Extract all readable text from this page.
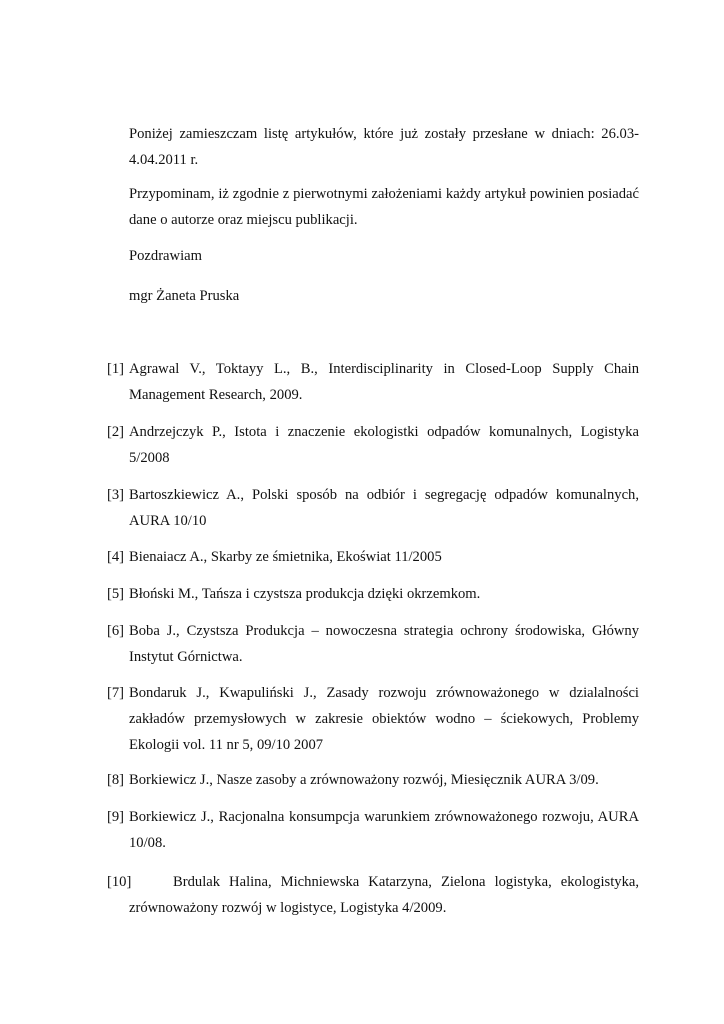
Poniżej zamieszczam listę artykułów, które już zostały przesłane w dniach: 26.03-4.04.2011 r.

Przypominam, iż zgodnie z pierwotnymi założeniami każdy artykuł powinien posiadać dane o autorze oraz miejscu publikacji.

Pozdrawiam

mgr Żaneta Pruska

[1] Agrawal V., Toktayy L., B., Interdisciplinarity in Closed-Loop Supply Chain Management Research, 2009.
[2] Andrzejczyk P., Istota i znaczenie ekologistki odpadów komunalnych, Logistyka 5/2008
[3] Bartoszkiewicz A., Polski sposób na odbiór i segregację odpadów komunalnych, AURA 10/10
[4] Bienaiacz A., Skarby ze śmietnika, Ekoświat 11/2005
[5] Błoński M., Tańsza i czystsza produkcja dzięki okrzemkom.
[6] Boba J., Czystsza Produkcja – nowoczesna strategia ochrony środowiska, Główny Instytut Górnictwa.
[7] Bondaruk J., Kwapuliński J., Zasady rozwoju zrównoważonego w dzialalności zakładów przemysłowych w zakresie obiektów wodno – ściekowych, Problemy Ekologii vol. 11 nr 5, 09/10 2007
[8] Borkiewicz J., Nasze zasoby a zrównoważony rozwój, Miesięcznik AURA 3/09.
[9] Borkiewicz J., Racjonalna konsumpcja warunkiem zrównoważonego rozwoju, AURA 10/08.
[10]	Brdulak Halina, Michniewska Katarzyna, Zielona logistyka, ekologistyka, zrównoważony rozwój w logistyce, Logistyka 4/2009.
